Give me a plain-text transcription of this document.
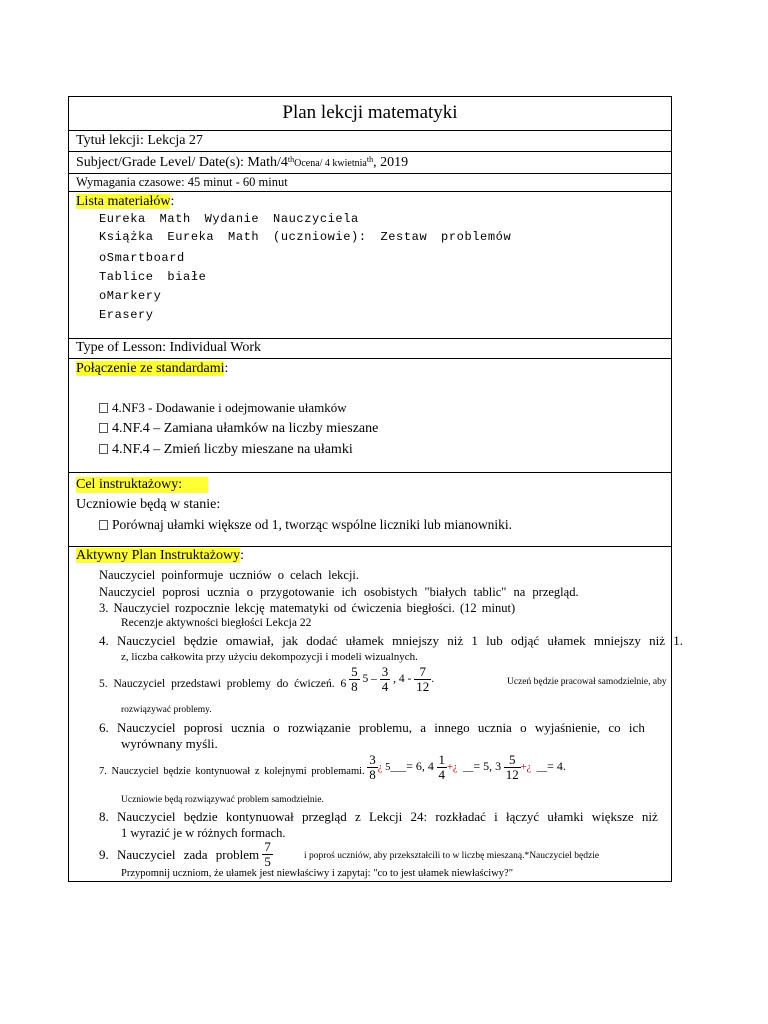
Plan lekcji matematyki
Tytuł lekcji: Lekcja 27
Subject/Grade Level/ Date(s): Math/4thOcena/ 4 kwietnia$^{th}$, 2019
Wymagania czasowe: 45 minut - 60 minut
Lista materiałów:
Eureka Math Wydanie Nauczyciela
Książka Eureka Math (uczniowie): Zestaw problemów
oSmartboard
Tablice białe
oMarkery
Erasery
Type of Lesson: Individual Work
Połączenie ze standardami:
4.NF3 - Dodawanie i odejmowanie ułamków
4.NF.4 – Zamiana ułamków na liczby mieszane
4.NF.4 – Zmień liczby mieszane na ułamki
Cel instruktażowy:
Uczniowie będą w stanie:
Porównaj ułamki większe od 1, tworząc wspólne liczniki lub mianowniki.
Aktywny Plan Instruktażowy:
Nauczyciel poinformuje uczniów o celach lekcji.
Nauczyciel poprosi ucznia o przygotowanie ich osobistych "białych tablic" na przegląd.
3. Nauczyciel rozpocznie lekcję matematyki od ćwiczenia biegłości. (12 minut)
Recenzje aktywności biegłości Lekcja 22
4. Nauczyciel będzie omawiał, jak dodać ułamek mniejszy niż 1 lub odjąć ułamek mniejszy niż 1.
z, liczba całkowita przy użyciu dekompozycji i modeli wizualnych.
5. Nauczyciel przedstawi problemy do ćwiczeń. $6 \frac{5}{8} 5 - \frac{3}{4}$ , $4 - \frac{7}{12}$ .	Uczeń będzie pracował samodzielnie, aby
rozwiązywać problemy.
6. Nauczyciel poprosi ucznia o rozwiązanie problemu, a innego ucznia o wyjaśnienie, co ich
wyrównany myśli.
7. Nauczyciel będzie kontynuował z kolejnymi problemami. $\frac{3}{8}$ ¿ 5___= 6, $4 \frac{1}{4}$ +¿  __= 5, $3 \frac{5}{12}$ +¿  __= 4.
Uczniowie będą rozwiązywać problem samodzielnie.
8. Nauczyciel będzie kontynuował przegląd z Lekcji 24: rozkładać i łączyć ułamki większe niż
1 wyrazić je w różnych formach.
9. Nauczyciel zada problem $\frac{7}{5}$	i poproś uczniów, aby przekształcili to w liczbę mieszaną.*Nauczyciel będzie
Przypomnij uczniom, że ułamek jest niewłaściwy i zapytaj: "co to jest ułamek niewłaściwy?"
